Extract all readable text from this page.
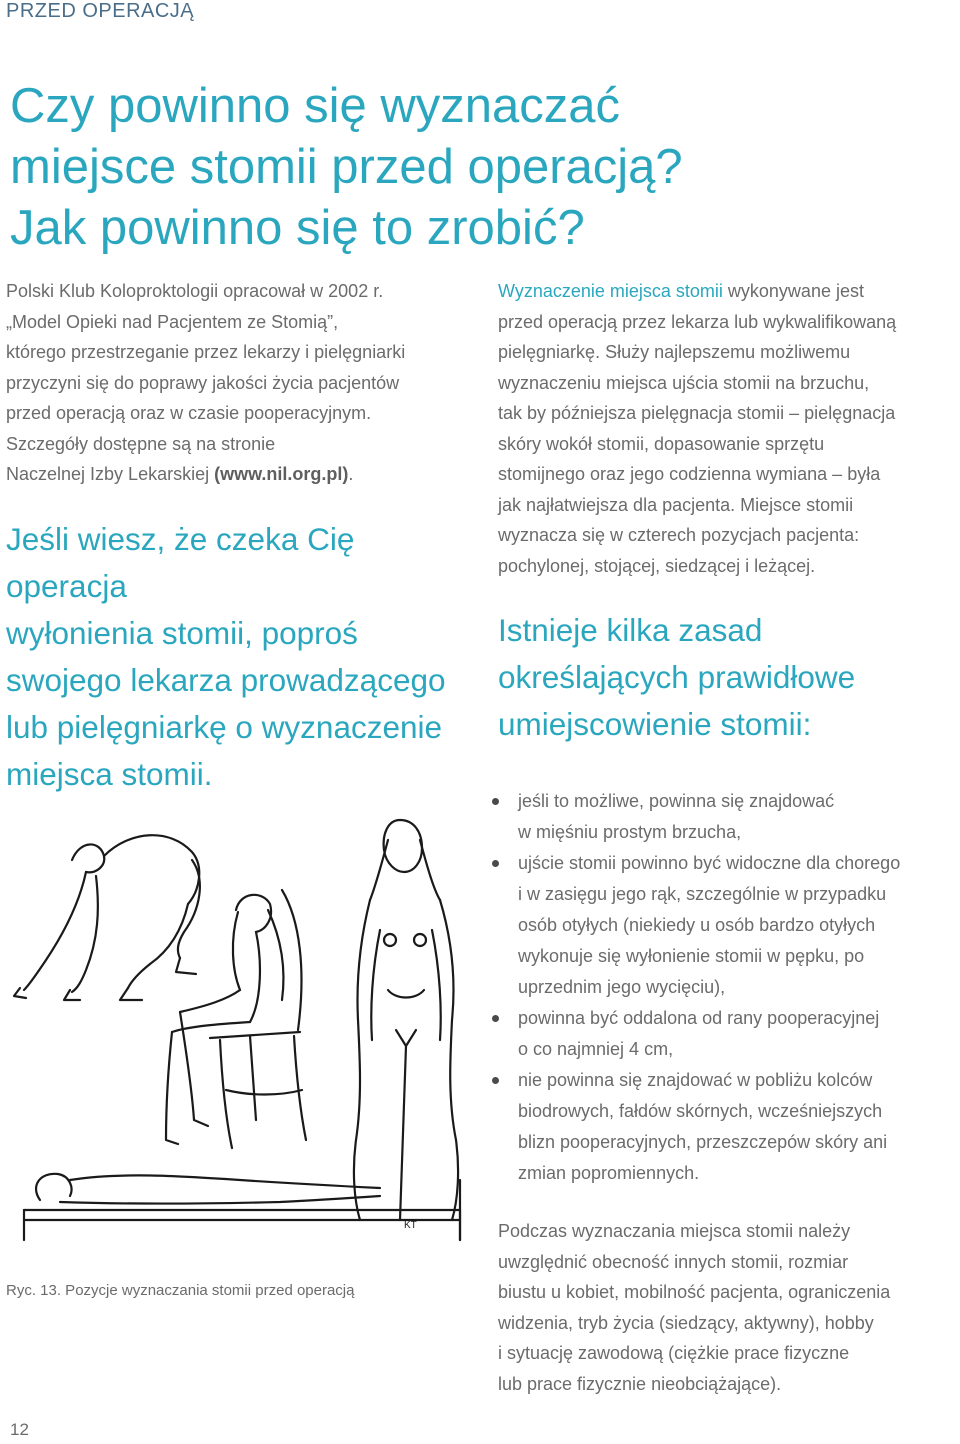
PRZED OPERACJĄ
Czy powinno się wyznaczać
miejsce stomii przed operacją?
Jak powinno się to zrobić?
Polski Klub Koloproktologii opracował w 2002 r.
„Model Opieki nad Pacjentem ze Stomią”,
którego przestrzeganie przez lekarzy i pielęgniarki
przyczyni się do poprawy jakości życia pacjentów
przed operacją oraz w czasie pooperacyjnym.
Szczegóły dostępne są na stronie
Naczelnej Izby Lekarskiej (www.nil.org.pl).
Jeśli wiesz, że czeka Cię operacja
wyłonienia stomii, poproś
swojego lekarza prowadzącego
lub pielęgniarkę o wyznaczenie
miejsca stomii.
Wyznaczenie miejsca stomii wykonywane jest
przed operacją przez lekarza lub wykwalifikowaną
pielęgniarkę. Służy najlepszemu możliwemu
wyznaczeniu miejsca ujścia stomii na brzuchu,
tak by późniejsza pielęgnacja stomii – pielęgnacja
skóry wokół stomii, dopasowanie sprzętu
stomijnego oraz jego codzienna wymiana – była
jak najłatwiejsza dla pacjenta. Miejsce stomii
wyznacza się w czterech pozycjach pacjenta:
pochylonej, stojącej, siedzącej i leżącej.
Istnieje kilka zasad
określających prawidłowe
umiejscowienie stomii:
jeśli to możliwe, powinna się znajdować
w mięśniu prostym brzucha,
ujście stomii powinno być widoczne dla chorego
i w zasięgu jego rąk, szczególnie w przypadku
osób otyłych (niekiedy u osób bardzo otyłych
wykonuje się wyłonienie stomii w pępku, po
uprzednim jego wycięciu),
powinna być oddalona od rany pooperacyjnej
o co najmniej 4 cm,
nie powinna się znajdować w pobliżu kolców
biodrowych, fałdów skórnych, wcześniejszych
blizn pooperacyjnych, przeszczepów skóry ani
zmian popromiennych.
KT
Ryc. 13. Pozycje wyznaczania stomii przed operacją
Podczas wyznaczania miejsca stomii należy
uwzględnić obecność innych stomii, rozmiar
biustu u kobiet, mobilność pacjenta, ograniczenia
widzenia, tryb życia (siedzący, aktywny), hobby
i sytuację zawodową (ciężkie prace fizyczne
lub prace fizycznie nieobciążające).
12
